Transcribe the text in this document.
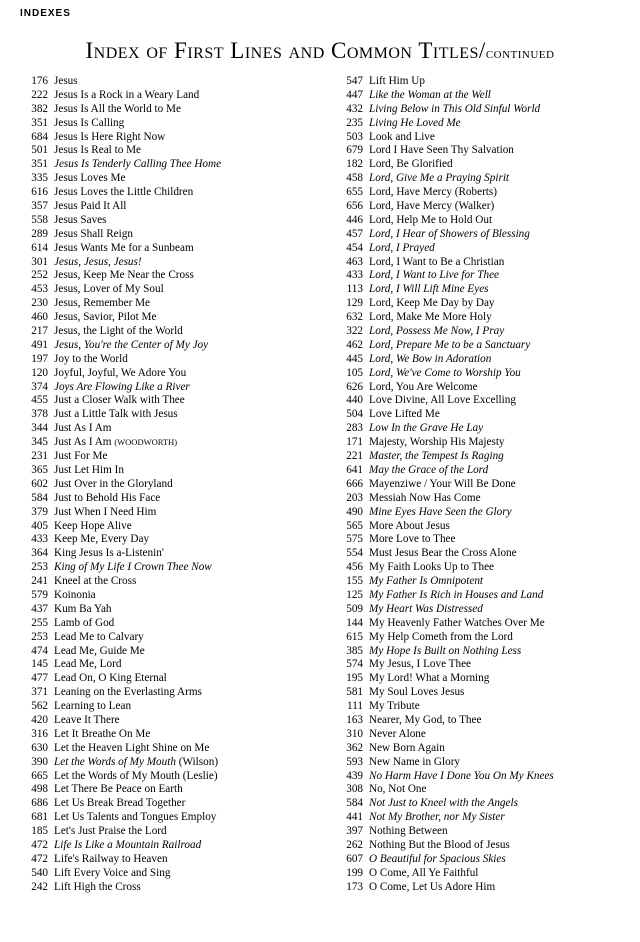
INDEXES
Index of First Lines and Common Titles/continued
176 Jesus
222 Jesus Is a Rock in a Weary Land
382 Jesus Is All the World to Me
351 Jesus Is Calling
684 Jesus Is Here Right Now
501 Jesus Is Real to Me
351 Jesus Is Tenderly Calling Thee Home
335 Jesus Loves Me
616 Jesus Loves the Little Children
357 Jesus Paid It All
558 Jesus Saves
289 Jesus Shall Reign
614 Jesus Wants Me for a Sunbeam
301 Jesus, Jesus, Jesus!
252 Jesus, Keep Me Near the Cross
453 Jesus, Lover of My Soul
230 Jesus, Remember Me
460 Jesus, Savior, Pilot Me
217 Jesus, the Light of the World
491 Jesus, You're the Center of My Joy
197 Joy to the World
120 Joyful, Joyful, We Adore You
374 Joys Are Flowing Like a River
455 Just a Closer Walk with Thee
378 Just a Little Talk with Jesus
344 Just As I Am
345 Just As I Am (WOODWORTH)
231 Just For Me
365 Just Let Him In
602 Just Over in the Gloryland
584 Just to Behold His Face
379 Just When I Need Him
405 Keep Hope Alive
433 Keep Me, Every Day
364 King Jesus Is a-Listenin'
253 King of My Life I Crown Thee Now
241 Kneel at the Cross
579 Koinonia
437 Kum Ba Yah
255 Lamb of God
253 Lead Me to Calvary
474 Lead Me, Guide Me
145 Lead Me, Lord
477 Lead On, O King Eternal
371 Leaning on the Everlasting Arms
562 Learning to Lean
420 Leave It There
316 Let It Breathe On Me
630 Let the Heaven Light Shine on Me
390 Let the Words of My Mouth (Wilson)
665 Let the Words of My Mouth (Leslie)
498 Let There Be Peace on Earth
686 Let Us Break Bread Together
681 Let Us Talents and Tongues Employ
185 Let's Just Praise the Lord
472 Life Is Like a Mountain Railroad
472 Life's Railway to Heaven
540 Lift Every Voice and Sing
242 Lift High the Cross
547 Lift Him Up
447 Like the Woman at the Well
432 Living Below in This Old Sinful World
235 Living He Loved Me
503 Look and Live
679 Lord I Have Seen Thy Salvation
182 Lord, Be Glorified
458 Lord, Give Me a Praying Spirit
655 Lord, Have Mercy (Roberts)
656 Lord, Have Mercy (Walker)
446 Lord, Help Me to Hold Out
457 Lord, I Hear of Showers of Blessing
454 Lord, I Prayed
463 Lord, I Want to Be a Christian
433 Lord, I Want to Live for Thee
113 Lord, I Will Lift Mine Eyes
129 Lord, Keep Me Day by Day
632 Lord, Make Me More Holy
322 Lord, Possess Me Now, I Pray
462 Lord, Prepare Me to be a Sanctuary
445 Lord, We Bow in Adoration
105 Lord, We've Come to Worship You
626 Lord, You Are Welcome
440 Love Divine, All Love Excelling
504 Love Lifted Me
283 Low In the Grave He Lay
171 Majesty, Worship His Majesty
221 Master, the Tempest Is Raging
641 May the Grace of the Lord
666 Mayenziwe / Your Will Be Done
203 Messiah Now Has Come
490 Mine Eyes Have Seen the Glory
565 More About Jesus
575 More Love to Thee
554 Must Jesus Bear the Cross Alone
456 My Faith Looks Up to Thee
155 My Father Is Omnipotent
125 My Father Is Rich in Houses and Land
509 My Heart Was Distressed
144 My Heavenly Father Watches Over Me
615 My Help Cometh from the Lord
385 My Hope Is Built on Nothing Less
574 My Jesus, I Love Thee
195 My Lord! What a Morning
581 My Soul Loves Jesus
111 My Tribute
163 Nearer, My God, to Thee
310 Never Alone
362 New Born Again
593 New Name in Glory
439 No Harm Have I Done You On My Knees
308 No, Not One
584 Not Just to Kneel with the Angels
441 Not My Brother, nor My Sister
397 Nothing Between
262 Nothing But the Blood of Jesus
607 O Beautiful for Spacious Skies
199 O Come, All Ye Faithful
173 O Come, Let Us Adore Him
